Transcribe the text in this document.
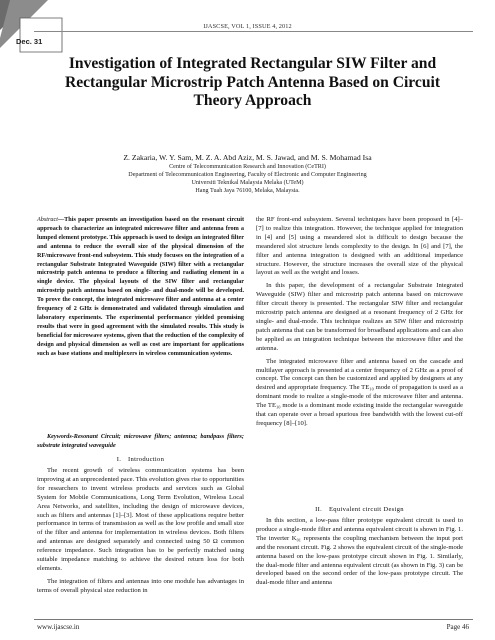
Dec. 31
IJASCSE, VOL 1, ISSUE 4, 2012
Investigation of Integrated Rectangular SIW Filter and Rectangular Microstrip Patch Antenna Based on Circuit Theory Approach
Z. Zakaria, W. Y. Sam, M. Z. A. Abd Aziz, M. S. Jawad, and M. S. Mohamad Isa
Centre of Telecommunication Research and Innovation (CeTRI)
Department of Telecommunication Engineering, Faculty of Electronic and Computer Engineering
Universiti Teknikal Malaysia Melaka (UTeM)
Hang Tuah Jaya 76100, Melaka, Malaysia.
Abstract—This paper presents an investigation based on the resonant circuit approach to characterize an integrated microwave filter and antenna from a lumped element prototype. This approach is used to design an integrated filter and antenna to reduce the overall size of the physical dimension of the RF/microwave front-end subsystem. This study focuses on the integration of a rectangular Substrate Integrated Waveguide (SIW) filter with a rectangular microstrip patch antenna to produce a filtering and radiating element in a single device. The physical layouts of the SIW filter and rectangular microstrip patch antenna based on single- and dual-mode will be developed. To prove the concept, the integrated microwave filter and antenna at a center frequency of 2 GHz is demonstrated and validated through simulation and laboratory experiments. The experimental performance yielded promising results that were in good agreement with the simulated results. This study is beneficial for microwave systems, given that the reduction of the complexity of design and physical dimension as well as cost are important for applications such as base stations and multiplexers in wireless communication systems.
Keywords-Resonant Circuit; microwave filters; antenna; bandpass filters; substrate integrated waveguide
I. Introduction

The recent growth of wireless communication systems has been improving at an unprecedented pace. This evolution gives rise to opportunities for researchers to invent wireless products and services such as Global System for Mobile Communications, Long Term Evolution, Wireless Local Area Networks, and satellites, including the design of microwave devices, such as filters and antennas [1]–[3]. Most of these applications require better performance in terms of transmission as well as the low profile and small size of the filter and antenna for implementation in wireless devices. Both filters and antennas are designed separately and connected using 50 Ω common reference impedance. Such integration has to be perfectly matched using suitable impedance matching to achieve the desired return loss for both elements.

The integration of filters and antennas into one module has advantages in terms of overall physical size reduction in

the RF front-end subsystem. Several techniques have been proposed in [4]–[7] to realize this integration. However, the technique applied for integration in [4] and [5] using a meandered slot is difficult to design because the meandered slot structure lends complexity to the design. In [6] and [7], the filter and antenna integration is designed with an additional impedance structure. However, the structure increases the overall size of the physical layout as well as the weight and losses.

In this paper, the development of a rectangular Substrate Integrated Waveguide (SIW) filter and microstrip patch antenna based on microwave filter circuit theory is presented. The rectangular SIW filter and rectangular microstrip patch antenna are designed at a resonant frequency of 2 GHz for single- and dual-mode. This technique realizes an SIW filter and microstrip patch antenna that can be transformed for broadband applications and can also be applied as an integration technique between the microwave filter and the antenna.

The integrated microwave filter and antenna based on the cascade and multilayer approach is presented at a center frequency of 2 GHz as a proof of concept. The concept can then be customized and applied by designers at any desired and appropriate frequency. The TE₁₀ mode of propagation is used as a dominant mode to realize a single-mode of the microwave filter and antenna. The TE₁₀ mode is a dominant mode existing inside the rectangular waveguide that can operate over a broad spurious free bandwidth with the lowest cut-off frequency [8]–[10].

II. Equivalent circuit Design

In this section, a low-pass filter prototype equivalent circuit is used to produce a single-mode filter and antenna equivalent circuit is shown in Fig. 1. The inverter K₀₁ represents the coupling mechanism between the input port and the resonant circuit. Fig. 2 shows the equivalent circuit of the single-mode antenna based on the low-pass prototype circuit shown in Fig. 1. Similarly, the dual-mode filter and antenna equivalent circuit (as shown in Fig. 3) can be developed based on the second order of the low-pass prototype circuit. The dual-mode filter and antenna

www.ijascse.in	Page 46
